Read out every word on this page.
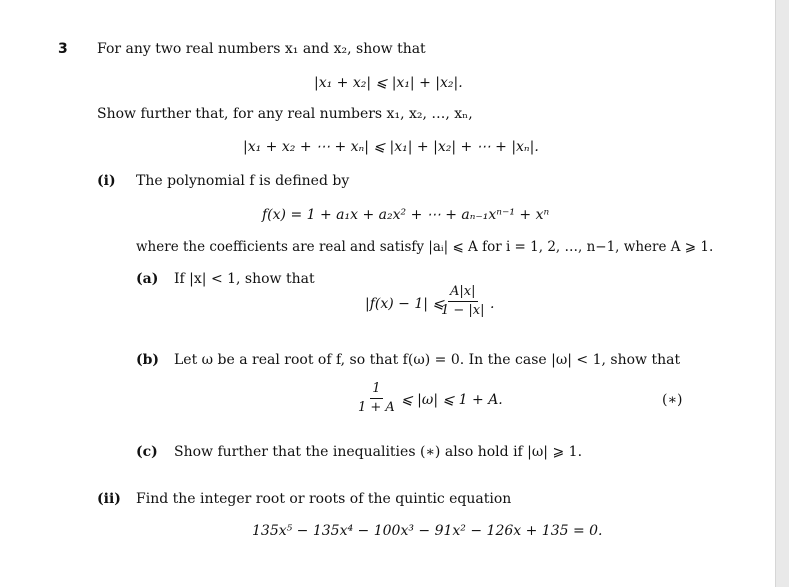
3 For any two real numbers x₁ and x₂, show that
|x₁ + x₂| ⩽ |x₁| + |x₂|.
Show further that, for any real numbers x₁, x₂, …, xₙ,
|x₁ + x₂ + ⋯ + xₙ| ⩽ |x₁| + |x₂| + ⋯ + |xₙ|.
(i) The polynomial f is defined by
f(x) = 1 + a₁x + a₂x² + ⋯ + aₙ₋₁xⁿ⁻¹ + xⁿ
where the coefficients are real and satisfy |aᵢ| ⩽ A for i = 1, 2, …, n−1, where A ⩾ 1.
(a) If |x| < 1, show that
|f(x) − 1| ⩽
$\frac{A|x|}{1 - |x|}$ .
(b) Let ω be a real root of f, so that f(ω) = 0. In the case |ω| < 1, show that
$\frac{1}{1 + A}$ ⩽ |ω| ⩽ 1 + A.	(∗)
(c) Show further that the inequalities (∗) also hold if |ω| ⩾ 1.
(ii) Find the integer root or roots of the quintic equation
135x⁵ − 135x⁴ − 100x³ − 91x² − 126x + 135 = 0.
